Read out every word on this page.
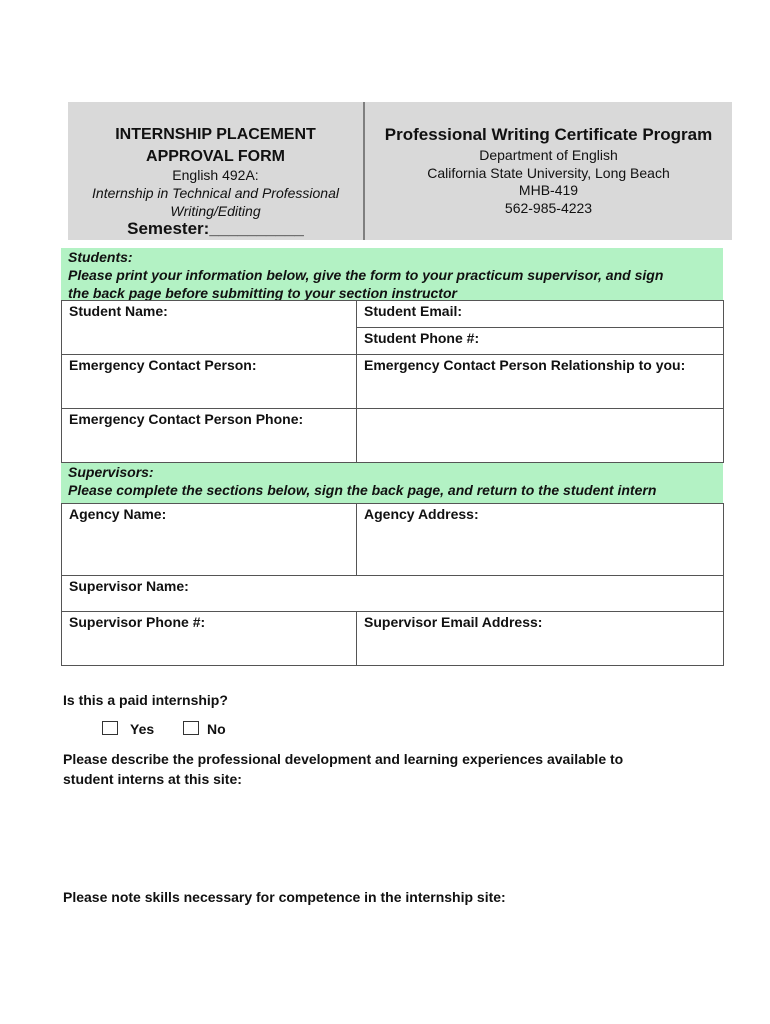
INTERNSHIP PLACEMENT
APPROVAL FORM
English 492A:
Internship in Technical and Professional Writing/Editing
Semester:__________
Professional Writing Certificate Program
Department of English
California State University, Long Beach
MHB-419
562-985-4223
Students:
Please print your information below, give the form to your practicum supervisor, and sign
the back page before submitting to your section instructor
Student Name:	Student Email:
Student Phone #:
Emergency Contact Person:	Emergency Contact Person Relationship to you:
Emergency Contact Person Phone:
Supervisors:
Please complete the sections below, sign the back page, and return to the student intern
Agency Name:	Agency Address:
Supervisor Name:
Supervisor Phone #:	Supervisor Email Address:
Is this a paid internship?
Yes	No
Please describe the professional development and learning experiences available to
student interns at this site:
Please note skills necessary for competence in the internship site:
